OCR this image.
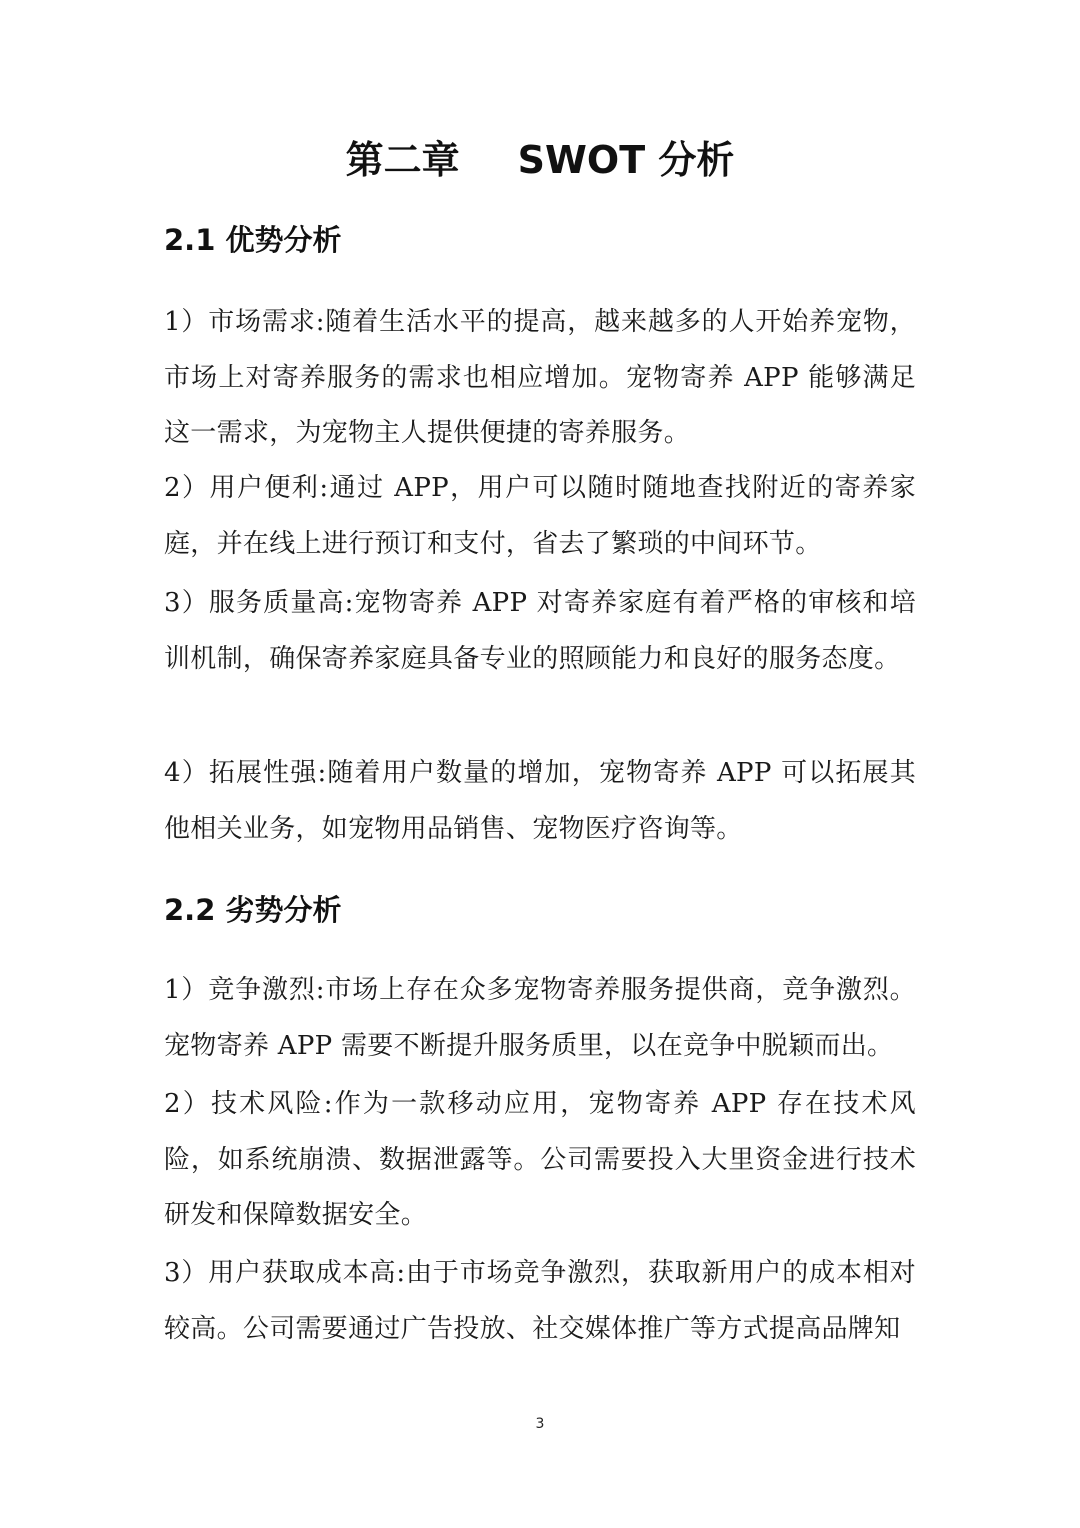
第二章 SWOT 分析
2.1 优势分析

1）市场需求:随着生活水平的提高，越来越多的人开始养宠物，市场上对寄养服务的需求也相应增加。宠物寄养 APP 能够满足这一需求，为宠物主人提供便捷的寄养服务。

2）用户便利:通过 APP，用户可以随时随地查找附近的寄养家庭，并在线上进行预订和支付，省去了繁琐的中间环节。

3）服务质量高:宠物寄养 APP 对寄养家庭有着严格的审核和培训机制，确保寄养家庭具备专业的照顾能力和良好的服务态度。

4）拓展性强:随着用户数量的增加，宠物寄养 APP 可以拓展其他相关业务，如宠物用品销售、宠物医疗咨询等。

2.2 劣势分析

1）竞争激烈:市场上存在众多宠物寄养服务提供商，竞争激烈。宠物寄养 APP 需要不断提升服务质里，以在竞争中脱颖而出。

2）技术风险:作为一款移动应用，宠物寄养 APP 存在技术风险，如系统崩溃、数据泄露等。公司需要投入大里资金进行技术研发和保障数据安全。

3）用户获取成本高:由于市场竞争激烈，获取新用户的成本相对较高。公司需要通过广告投放、社交媒体推广等方式提高品牌知

3
